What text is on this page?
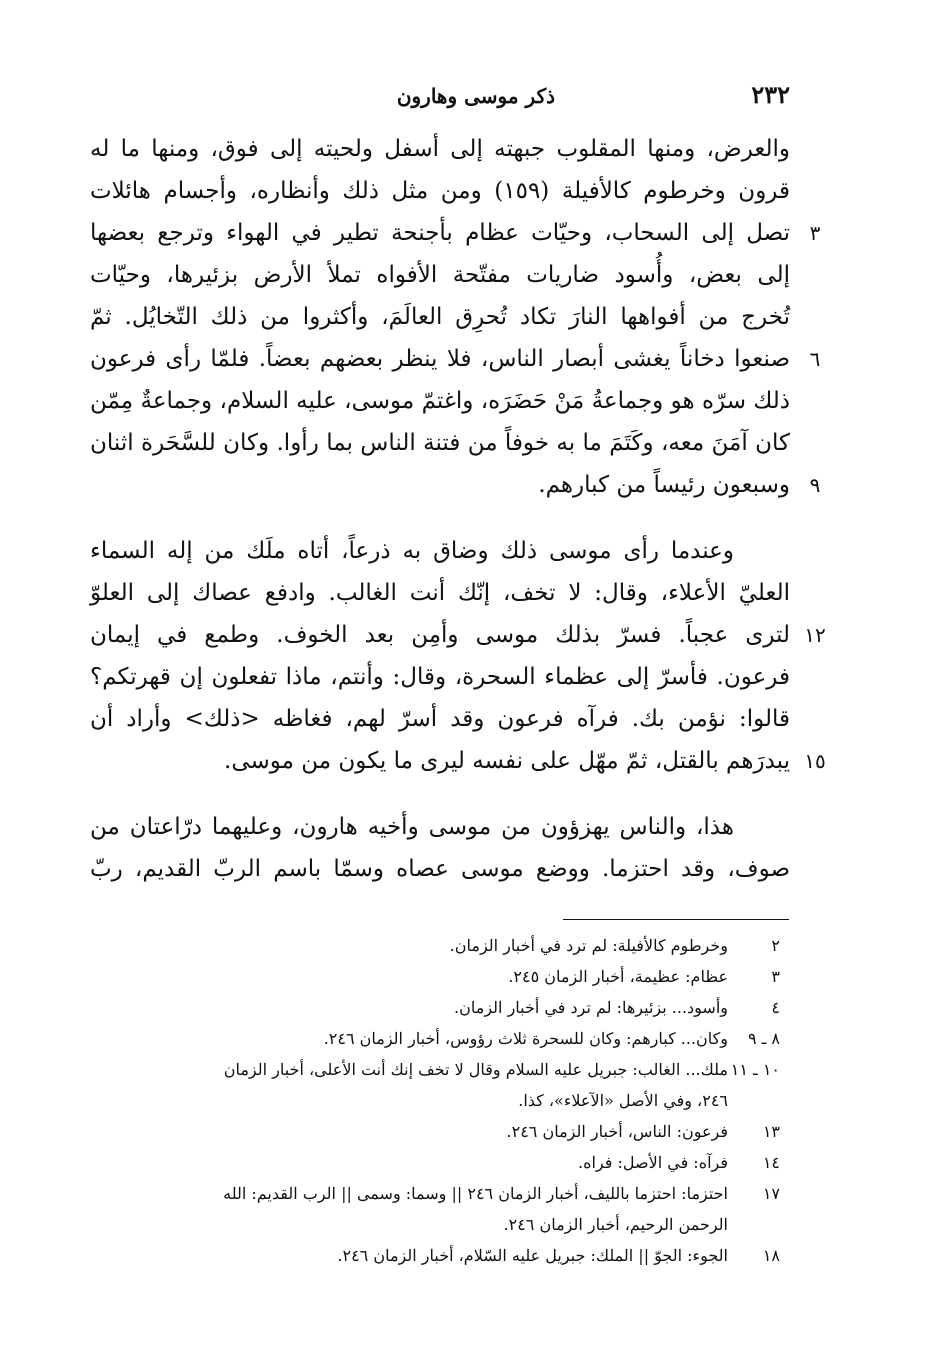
٢٣٢
ذكر موسى وهارون
والعرض، ومنها المقلوب جبهته إلى أسفل ولحيته إلى فوق، ومنها ما له
قرون وخرطوم كالأفيلة (١٥٩) ومن مثل ذلك وأنظاره، وأجسام هائلات
تصل إلى السحاب، وحيّات عظام بأجنحة تطير في الهواء وترجع بعضها ٣
إلى بعض، وأُسود ضاريات مفتّحة الأفواه تملأ الأرض بزئيرها، وحيّات
تُخرج من أفواهها النارَ تكاد تُحرِق العالَمَ، وأكثروا من ذلك التّخايُل. ثمّ
صنعوا دخاناً يغشى أبصار الناس، فلا ينظر بعضهم بعضاً. فلمّا رأى فرعون ٦
ذلك سرّه هو وجماعةُ مَنْ حَضَرَه، واغتمّ موسى، عليه السلام، وجماعةٌ مِمّن
كان آمَنَ معه، وكَتَمَ ما به خوفاً من فتنة الناس بما رأوا. وكان للسَّحَرة اثنان
وسبعون رئيساً من كبارهم. ٩
وعندما رأى موسى ذلك وضاق به ذرعاً، أتاه ملَك من إله السماء
العليّ الأعلاء، وقال: لا تخف، إنّك أنت الغالب. وادفع عصاك إلى العلوّ
لترى عجباً. فسرّ بذلك موسى وأمِن بعد الخوف. وطمع في إيمان ١٢
فرعون. فأسرّ إلى عظماء السحرة، وقال: وأنتم، ماذا تفعلون إن قهرتكم؟
قالوا: نؤمن بك. فرآه فرعون وقد أسرّ لهم، فغاظه <ذلك> وأراد أن
يبدرَهم بالقتل، ثمّ مهّل على نفسه ليرى ما يكون من موسى. ١٥
هذا، والناس يهزؤون من موسى وأخيه هارون، وعليهما درّاعتان من
صوف، وقد احتزما. ووضع موسى عصاه وسمّا باسم الربّ القديم، ربّ
٢
وخرطوم كالأفيلة: لم ترد في أخبار الزمان.
٣
عظام: عظيمة، أخبار الزمان ٢٤٥.
٤
وأسود... بزئيرها: لم ترد في أخبار الزمان.
٨ ـ ٩
وكان... كبارهم: وكان للسحرة ثلاث رؤوس، أخبار الزمان ٢٤٦.
١٠ ـ ١١
ملك... الغالب: جبريل عليه السلام وقال لا تخف إنك أنت الأعلى، أخبار الزمان
٢٤٦، وفي الأصل «الآعلاء»، كذا.
١٣
فرعون: الناس، أخبار الزمان ٢٤٦.
١٤
فرآه: في الأصل: فراه.
١٧
احتزما: احتزما بالليف، أخبار الزمان ٢٤٦ || وسما: وسمى || الرب القديم: الله
الرحمن الرحيم، أخبار الزمان ٢٤٦.
١٨
الجوء: الجوّ || الملك: جبريل عليه السّلام، أخبار الزمان ٢٤٦.
